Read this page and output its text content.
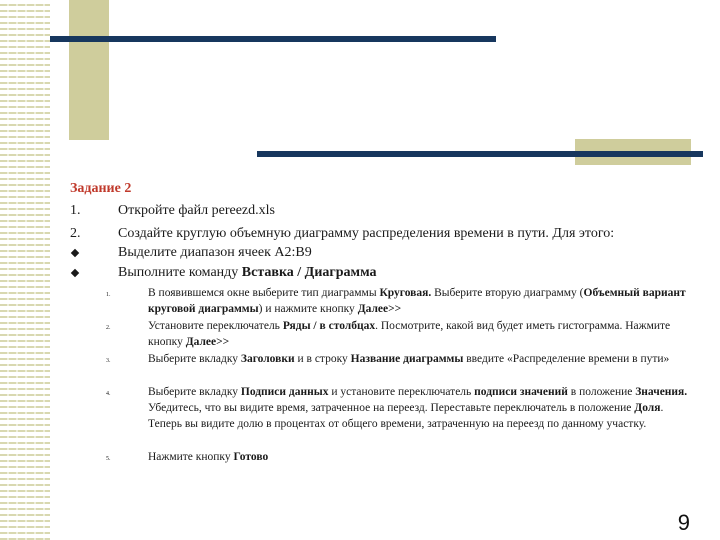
Задание 2
1.	Откройте файл pereezd.xls
2.	Создайте круглую объемную диаграмму распределения времени в пути. Для этого:
Выделите диапазон ячеек А2:В9
Выполните команду Вставка / Диаграмма
1.	В появившемся окне выберите тип диаграммы Круговая. Выберите вторую диаграмму (Объемный вариант круговой диаграммы) и нажмите кнопку Далее>>
2.	Установите переключатель Ряды / в столбцах. Посмотрите, какой вид будет иметь гистограмма. Нажмите кнопку Далее>>
3.	Выберите вкладку Заголовки и в строку Название диаграммы введите «Распределение времени в пути»
4.	Выберите вкладку Подписи данных и установите переключатель подписи значений в положение Значения. Убедитесь, что вы видите время, затраченное на переезд. Переставьте переключатель в положение Доля. Теперь вы видите долю в процентах от общего времени, затраченную на переезд по данному участку.
5.	Нажмите кнопку Готово
9
